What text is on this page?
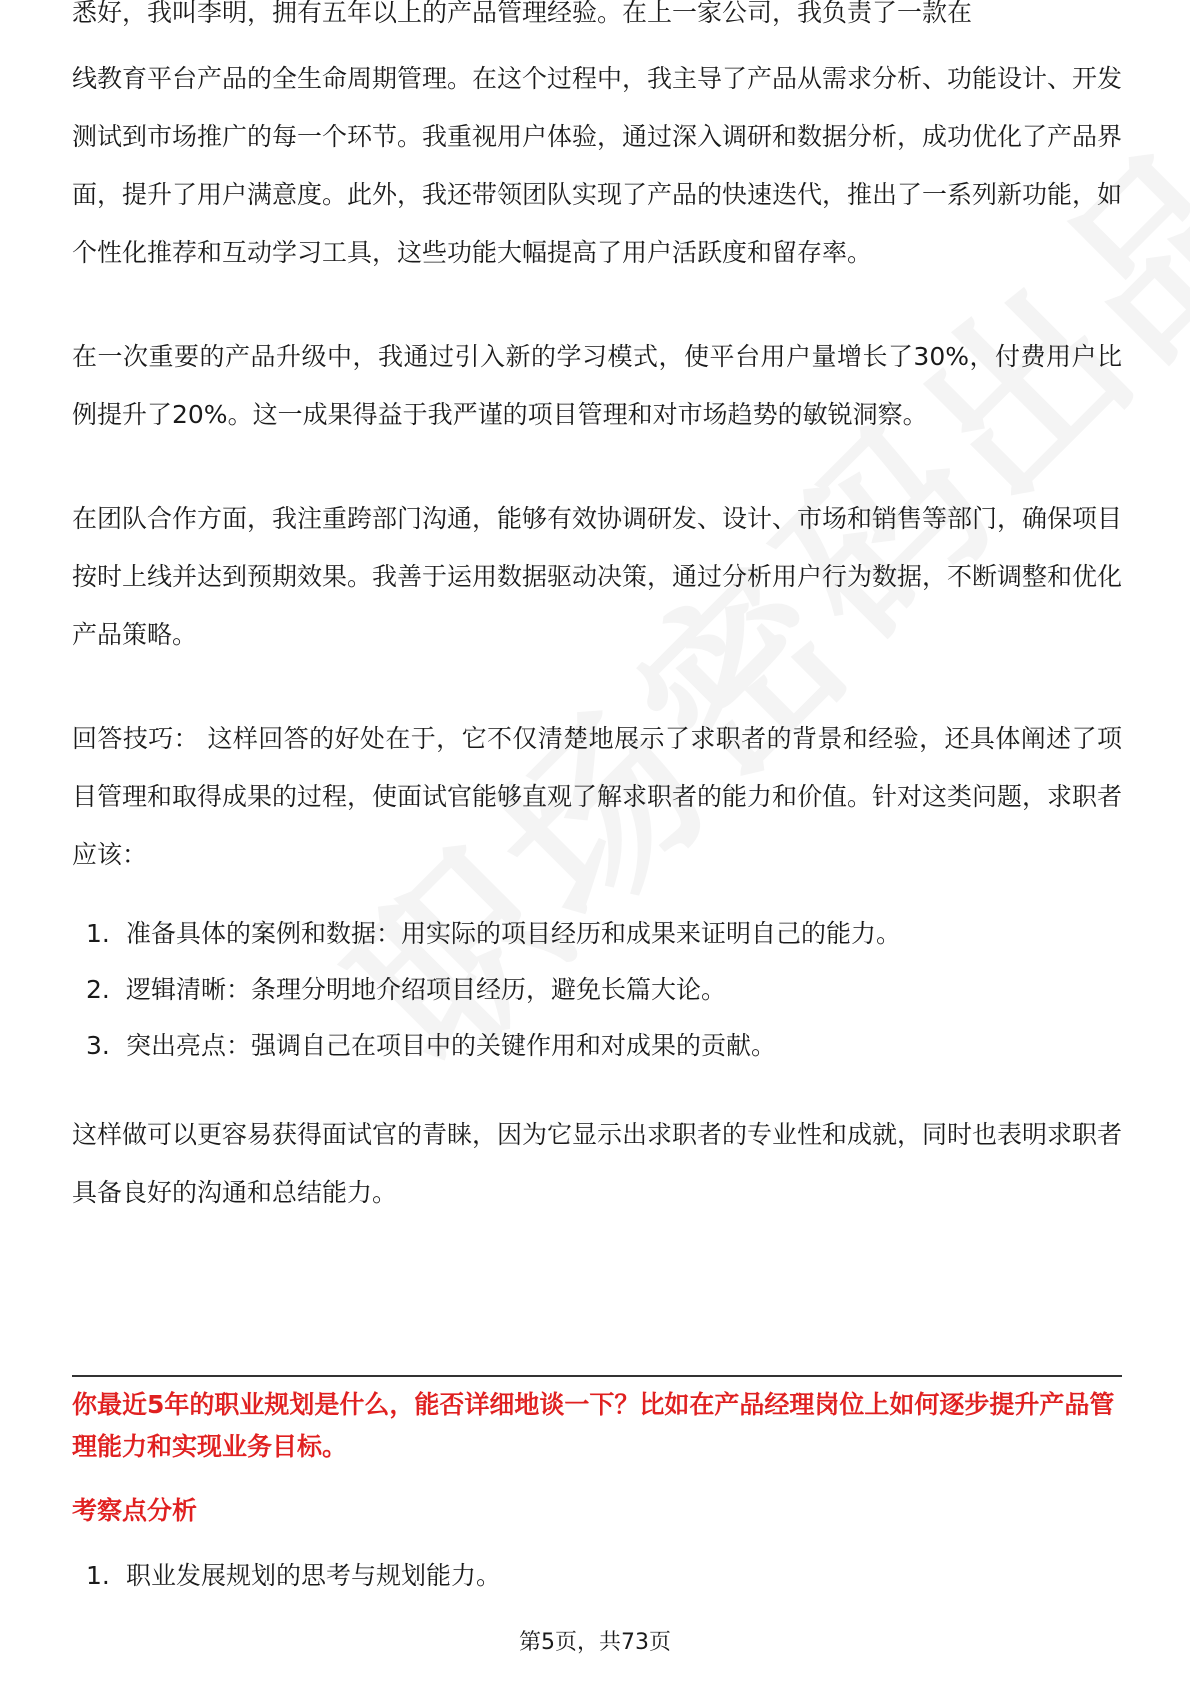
悉好，我叫李明，拥有五年以上的产品管理经验。在上一家公司，我负责了一款在

线教育平台产品的全生命周期管理。在这个过程中，我主导了产品从需求分析、功能设计、开发测试到市场推广的每一个环节。我重视用户体验，通过深入调研和数据分析，成功优化了产品界面，提升了用户满意度。此外，我还带领团队实现了产品的快速迭代，推出了一系列新功能，如个性化推荐和互动学习工具，这些功能大幅提高了用户活跃度和留存率。

在一次重要的产品升级中，我通过引入新的学习模式，使平台用户量增长了30%，付费用户比例提升了20%。这一成果得益于我严谨的项目管理和对市场趋势的敏锐洞察。

在团队合作方面，我注重跨部门沟通，能够有效协调研发、设计、市场和销售等部门，确保项目按时上线并达到预期效果。我善于运用数据驱动决策，通过分析用户行为数据，不断调整和优化产品策略。

回答技巧： 这样回答的好处在于，它不仅清楚地展示了求职者的背景和经验，还具体阐述了项目管理和取得成果的过程，使面试官能够直观了解求职者的能力和价值。针对这类问题，求职者应该：

1. 准备具体的案例和数据：用实际的项目经历和成果来证明自己的能力。
2. 逻辑清晰：条理分明地介绍项目经历，避免长篇大论。
3. 突出亮点：强调自己在项目中的关键作用和对成果的贡献。

这样做可以更容易获得面试官的青睐，因为它显示出求职者的专业性和成就，同时也表明求职者具备良好的沟通和总结能力。

你最近5年的职业规划是什么，能否详细地谈一下？比如在产品经理岗位上如何逐步提升产品管理能力和实现业务目标。
考察点分析
1. 职业发展规划的思考与规划能力。
第5页，共73页
